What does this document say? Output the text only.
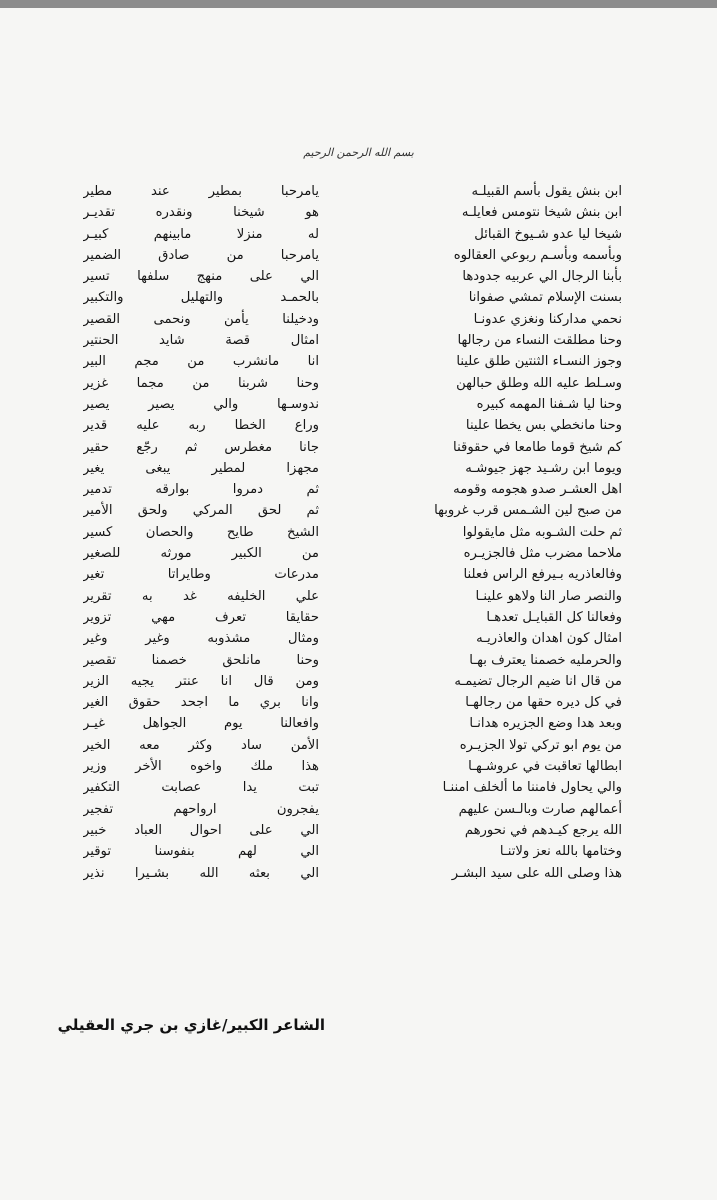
بسم الله الرحمن الرحيم
ابن بنش يقول بأسم القبيلـه
ابن بنش شيخا نتومس فعايلـه
شيخا ليا عدو شـيوخ القبائل
وبأسمه وبأسـم ربوعي العقالوه
بأبنا الرجال الي عربيه جدودها
بسنت الإسلام تمشي صفوانا
نحمي مداركنا ونغزي عدونـا
وحنا مطلقت النساء من رجالها
وجوز النسـاء الثنتين طلق علينا
وسـلط عليه الله وطلق حبالهن
وحنا ليا شـفنا المهمه كبيره
وحنا مانخطي بس يخطا علينا
كم شيخ قوما طامعا في حقوقنا
ويوما ابن رشـيد جهز جيوشـه
اهل العشـر صدو هجومه وقومه
من صبح لين الشـمس قرب غروبها
ثم حلت الشـوبه مثل مايقولوا
ملاحما مضرب مثل فالجزيـره
وفالعاذريه بـيرفع الراس فعلنا
والنصر صار النا ولاهو علينـا
وفعالنا كل القبايـل تعدهـا
امثال كون اهدان والعاذريـه
والحرمليه خصمنا يعترف بهـا
من قال انا ضيم الرجال تضيمـه
في كل ديره حقها من رجالهـا
وبعد هدا وضع الجزيره هدانـا
من يوم ابو تركي تولا الجزيـره
ابطالها تعاقبت في عروشـهـا
والي يحاول فامننا ما ألخلف امننـا
أعمالهم صارت وبالـسن عليهم
الله يرجع كيـدهم في نحورهم
وختامها بالله نعز ولاتنـا
هذا وصلى الله على سيد البشـر
يامرحبا بمطير عند مطير
هو شيخنا ونقدره تقديـر
له منزلا مابينهم كبيـر
يامرحبا من صادق الضمير
الي على منهج سلفها تسير
بالحمـد والتهليل والتكبير
ودخيلنا يأمن ونحمى القصير
امثال قصة شايد الحنتير
انا مانشرب من مجم البير
وحنا شربنا من مجما غزير
ندوسـها والي يصير يصير
وراع الخطا ربه عليه قدير
جانا مغطرس ثم رجّع حقير
مجهزا لمطير يبغى يغير
ثم دمروا بوارقه تدمير
ثم لحق المركي ولحق الأمير
الشيخ طايح والحصان كسير
من الكبير مورثه للصغير
مدرعات وطايراتا تغير
علي الخليفه غد به تقرير
حقايقا تعرف مهي تزوير
ومثال مشذوبه وغير وغير
وحنا مانلحق خصمنا تقصير
ومن قال انا عنتر يجيه الزير
وانا بري ما اجحد حقوق الغير
وافعالنا يوم الجواهل غيـر
الأمن ساد وكثر معه الخير
هذا ملك واخوه الأخر وزير
تبت يدا عصابت التكفير
يفجرون ارواحهم تفجير
الي على احوال العباد خبير
الي لهم بنفوسنا توقير
الي بعثه الله بشـيرا نذير
الشاعر الكبير/غازي بن جري العقيلي
